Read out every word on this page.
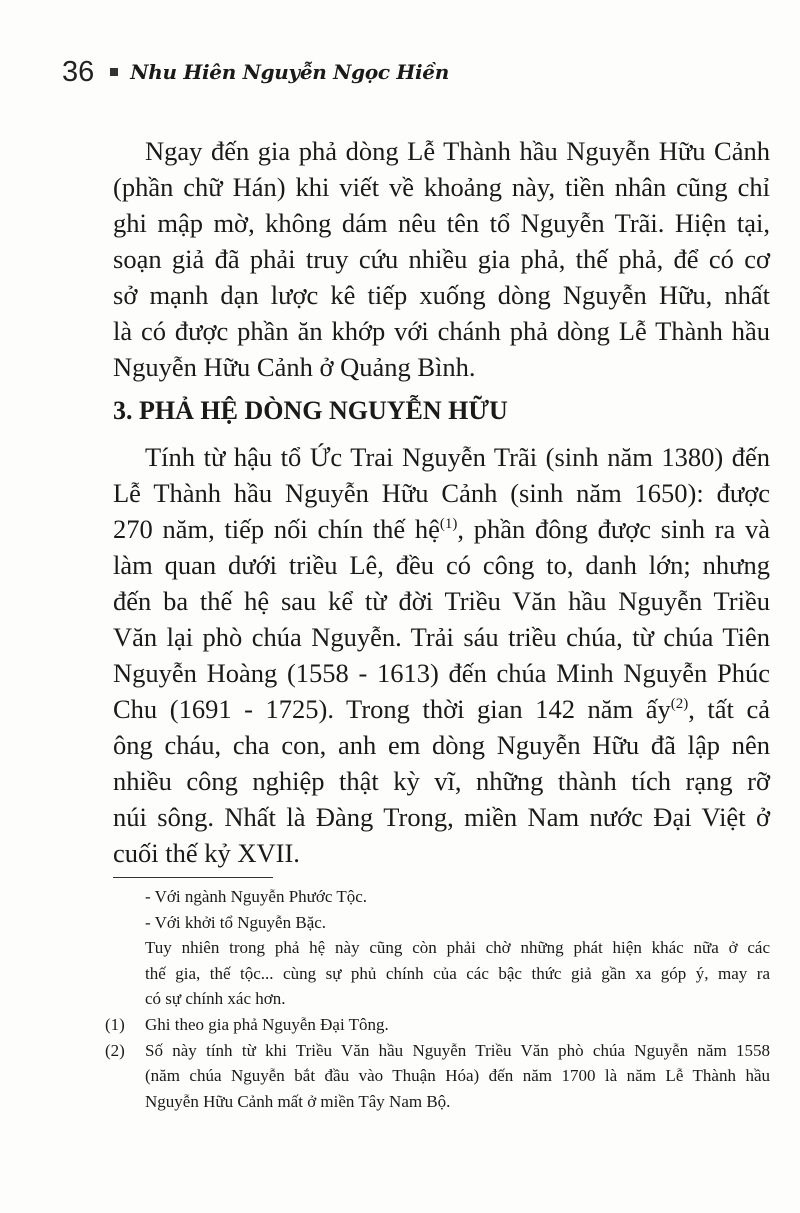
36 Nhu Hiên Nguyễn Ngọc Hiền
Ngay đến gia phả dòng Lễ Thành hầu Nguyễn Hữu Cảnh
(phần chữ Hán) khi viết về khoảng này, tiền nhân cũng chỉ
ghi mập mờ, không dám nêu tên tổ Nguyễn Trãi. Hiện tại,
soạn giả đã phải truy cứu nhiều gia phả, thế phả, để có cơ
sở mạnh dạn lược kê tiếp xuống dòng Nguyễn Hữu, nhất
là có được phần ăn khớp với chánh phả dòng Lễ Thành hầu
Nguyễn Hữu Cảnh ở Quảng Bình.
3. PHẢ HỆ DÒNG NGUYỄN HỮU
Tính từ hậu tổ Ức Trai Nguyễn Trãi (sinh năm 1380) đến
Lễ Thành hầu Nguyễn Hữu Cảnh (sinh năm 1650): được
270 năm, tiếp nối chín thế hệ$^{(1)}$, phần đông được sinh ra và
làm quan dưới triều Lê, đều có công to, danh lớn; nhưng
đến ba thế hệ sau kể từ đời Triều Văn hầu Nguyễn Triều
Văn lại phò chúa Nguyễn. Trải sáu triều chúa, từ chúa Tiên
Nguyễn Hoàng (1558 - 1613) đến chúa Minh Nguyễn Phúc
Chu (1691 - 1725). Trong thời gian 142 năm ấy$^{(2)}$, tất cả
ông cháu, cha con, anh em dòng Nguyễn Hữu đã lập nên
nhiều công nghiệp thật kỳ vĩ, những thành tích rạng rỡ
núi sông. Nhất là Đàng Trong, miền Nam nước Đại Việt ở
cuối thế kỷ XVII.
- Với ngành Nguyễn Phước Tộc.
- Với khởi tổ Nguyễn Bặc.
Tuy nhiên trong phả hệ này cũng còn phải chờ những phát hiện khác nữa ở các
thế gia, thế tộc... cùng sự phủ chính của các bậc thức giả gần xa góp ý, may ra
có sự chính xác hơn.
(1)	Ghi theo gia phả Nguyễn Đại Tông.
(2)	Số này tính từ khi Triều Văn hầu Nguyễn Triều Văn phò chúa Nguyễn năm 1558
(năm chúa Nguyễn bắt đầu vào Thuận Hóa) đến năm 1700 là năm Lễ Thành hầu
Nguyễn Hữu Cảnh mất ở miền Tây Nam Bộ.
